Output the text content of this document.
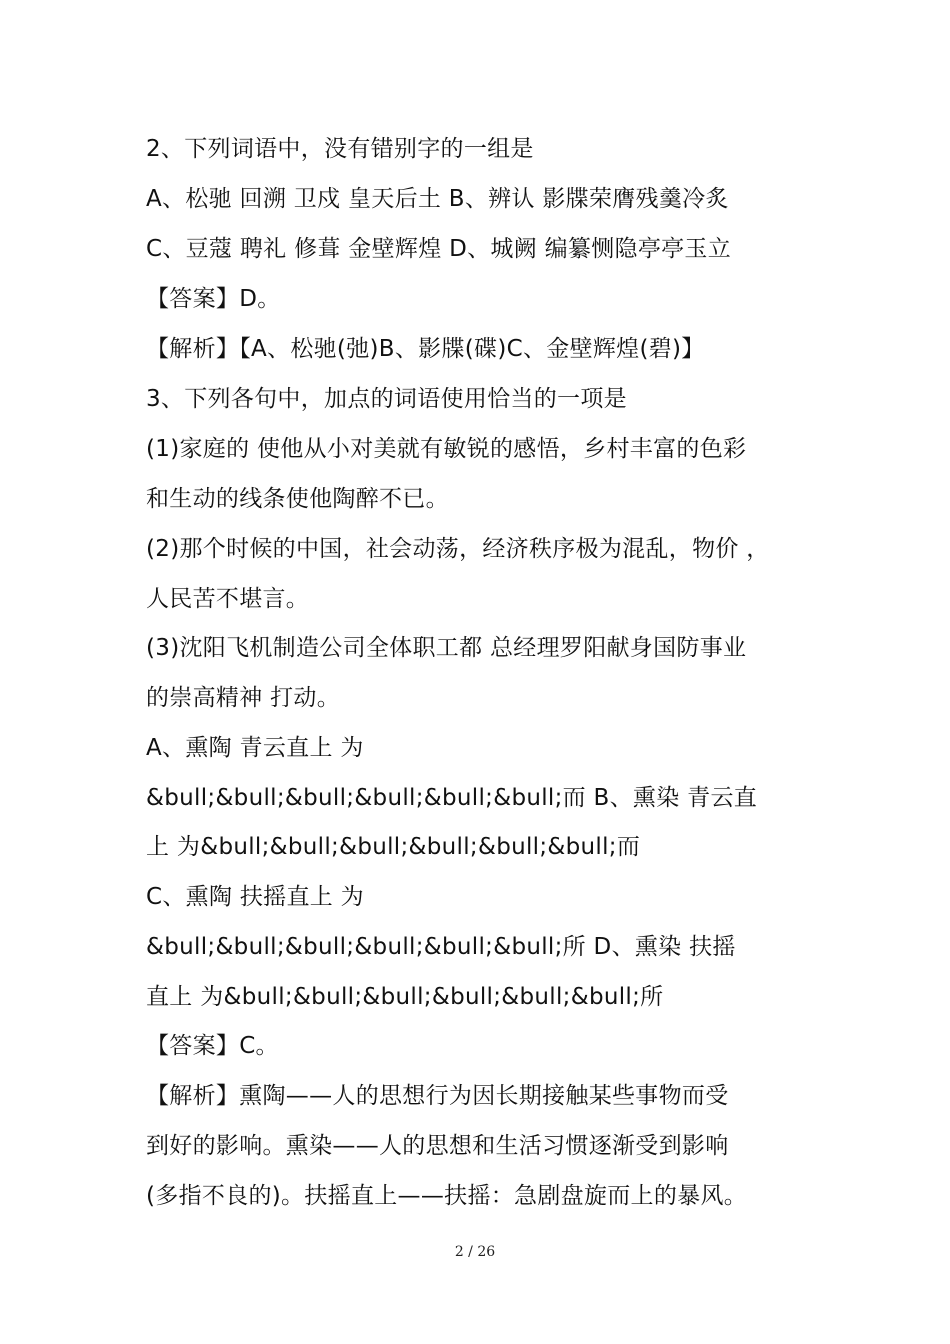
2、下列词语中，没有错别字的一组是
A、松驰 回溯 卫戍 皇天后土 B、辨认 影牒荣膺残羹冷炙
C、豆蔻 聘礼 修葺 金壁辉煌 D、城阙 编纂恻隐亭亭玉立
【答案】D。
【解析】【A、松驰(弛)B、影牒(碟)C、金壁辉煌(碧)】
3、下列各句中，加点的词语使用恰当的一项是
(1)家庭的 使他从小对美就有敏锐的感悟，乡村丰富的色彩
和生动的线条使他陶醉不已。
(2)那个时候的中国，社会动荡，经济秩序极为混乱，物价 ，
人民苦不堪言。
(3)沈阳飞机制造公司全体职工都 总经理罗阳献身国防事业
的崇高精神 打动。
A、熏陶 青云直上 为
&bull;&bull;&bull;&bull;&bull;&bull;而 B、熏染 青云直
上 为&bull;&bull;&bull;&bull;&bull;&bull;而
C、熏陶 扶摇直上 为
&bull;&bull;&bull;&bull;&bull;&bull;所 D、熏染 扶摇
直上 为&bull;&bull;&bull;&bull;&bull;&bull;所
【答案】C。
【解析】熏陶——人的思想行为因长期接触某些事物而受
到好的影响。熏染——人的思想和生活习惯逐渐受到影响
(多指不良的)。扶摇直上——扶摇：急剧盘旋而上的暴风。
2 / 26
